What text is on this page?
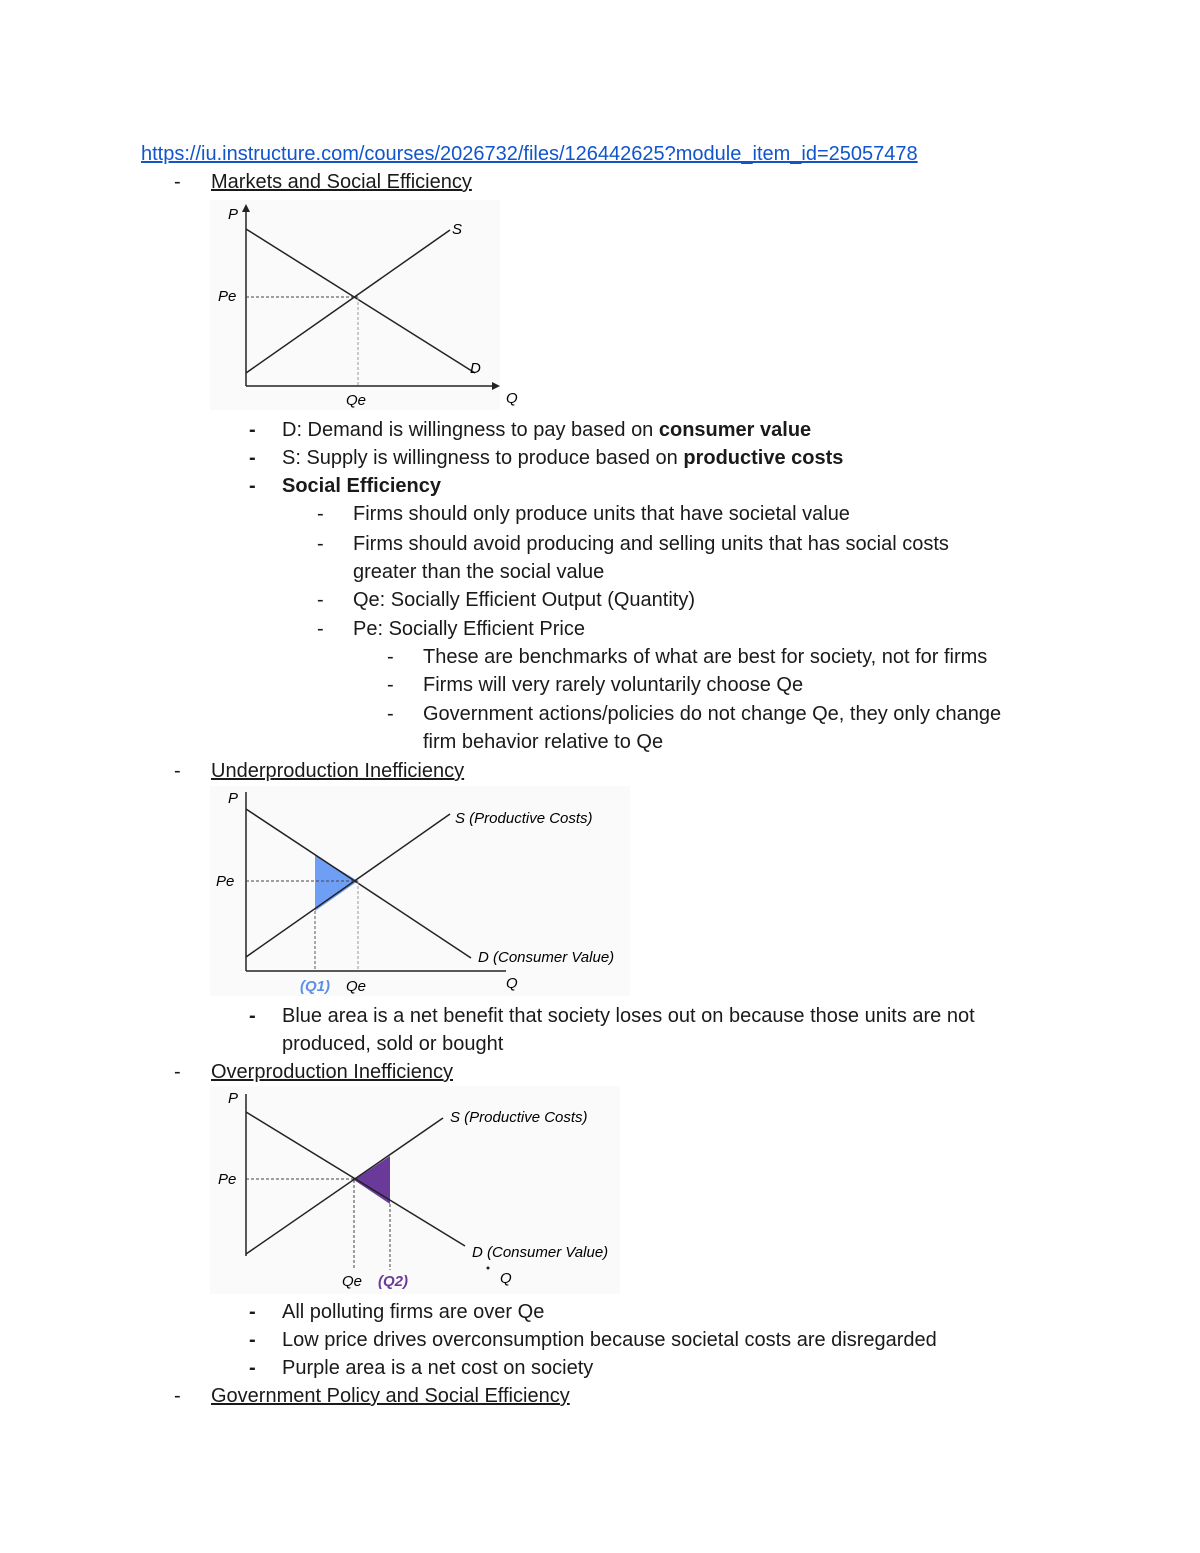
https://iu.instructure.com/courses/2026732/files/126442625?module_item_id=25057478
- Markets and Social Efficiency
P
Q
Pe
Qe
S
D
- D: Demand is willingness to pay based on consumer value
- S: Supply is willingness to produce based on productive costs
- Social Efficiency
- Firms should only produce units that have societal value
- Firms should avoid producing and selling units that has social costs
greater than the social value
- Qe: Socially Efficient Output (Quantity)
- Pe: Socially Efficient Price
- These are benchmarks of what are best for society, not for firms
- Firms will very rarely voluntarily choose Qe
- Government actions/policies do not change Qe, they only change
firm behavior relative to Qe
- Underproduction Inefficiency
P
Q
Pe
Qe
(Q1)
S (Productive Costs)
D (Consumer Value)
- Blue area is a net benefit that society loses out on because those units are not
produced, sold or bought
- Overproduction Inefficiency
P
Q
Pe
Qe (Q2)
S (Productive Costs)
D (Consumer Value)
- All polluting firms are over Qe
- Low price drives overconsumption because societal costs are disregarded
- Purple area is a net cost on society
- Government Policy and Social Efficiency
